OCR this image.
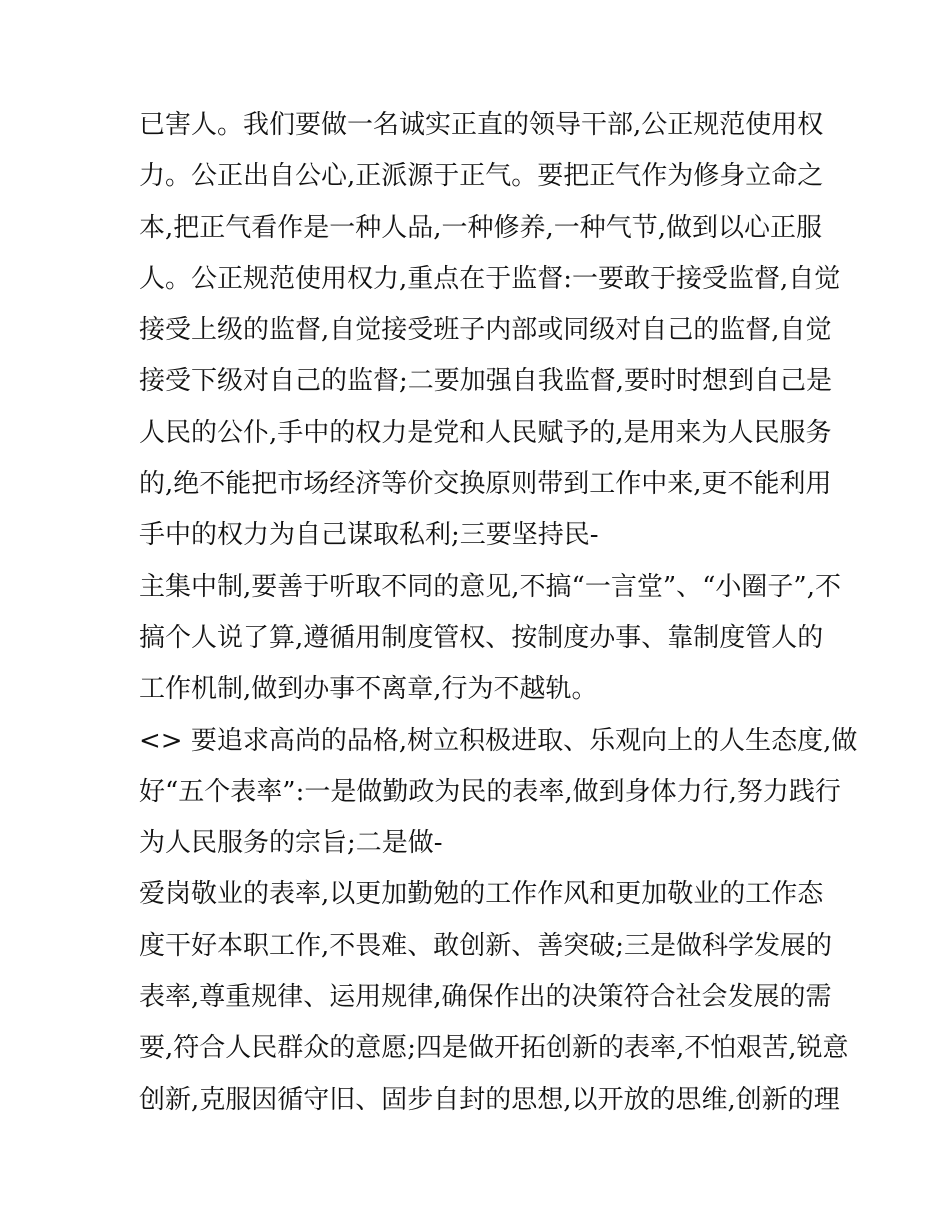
已害人。我们要做一名诚实正直的领导干部,公正规范使用权
力。公正出自公心,正派源于正气。要把正气作为修身立命之
本,把正气看作是一种人品,一种修养,一种气节,做到以心正服
人。公正规范使用权力,重点在于监督:一要敢于接受监督,自觉
接受上级的监督,自觉接受班子内部或同级对自己的监督,自觉
接受下级对自己的监督;二要加强自我监督,要时时想到自己是
人民的公仆,手中的权力是党和人民赋予的,是用来为人民服务
的,绝不能把市场经济等价交换原则带到工作中来,更不能利用
手中的权力为自己谋取私利;三要坚持民-
主集中制,要善于听取不同的意见,不搞“一言堂”、“小圈子”,不
搞个人说了算,遵循用制度管权、按制度办事、靠制度管人的
工作机制,做到办事不离章,行为不越轨。
<> 要追求高尚的品格,树立积极进取、乐观向上的人生态度,做
好“五个表率”:一是做勤政为民的表率,做到身体力行,努力践行
为人民服务的宗旨;二是做-
爱岗敬业的表率,以更加勤勉的工作作风和更加敬业的工作态
度干好本职工作,不畏难、敢创新、善突破;三是做科学发展的
表率,尊重规律、运用规律,确保作出的决策符合社会发展的需
要,符合人民群众的意愿;四是做开拓创新的表率,不怕艰苦,锐意
创新,克服因循守旧、固步自封的思想,以开放的思维,创新的理
